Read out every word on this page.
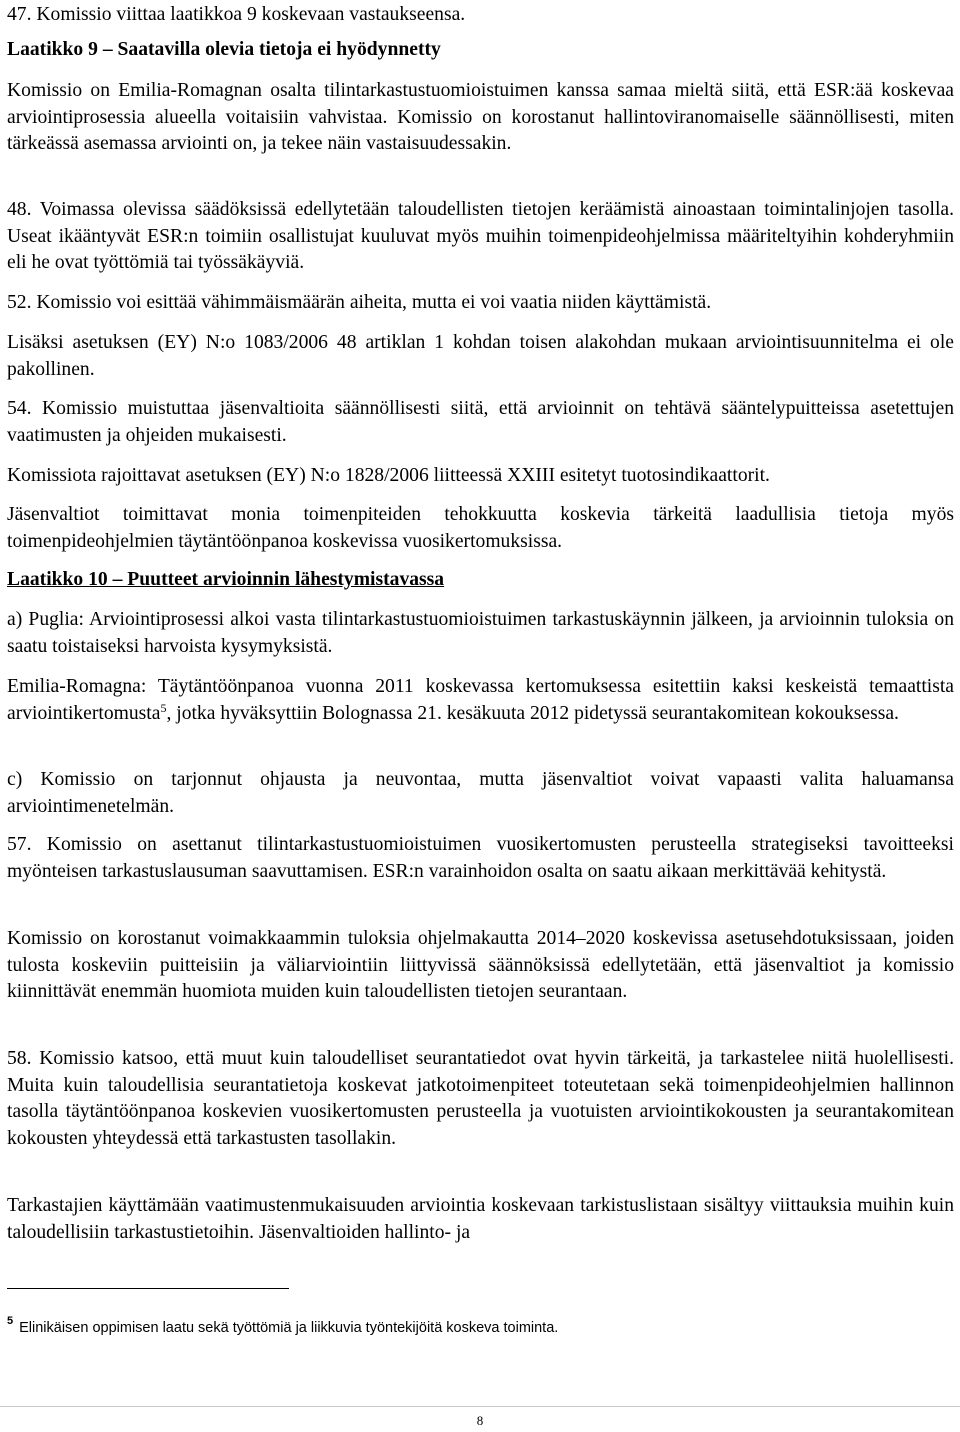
47. Komissio viittaa laatikkoa 9 koskevaan vastaukseensa.

Laatikko 9 – Saatavilla olevia tietoja ei hyödynnetty

Komissio on Emilia-Romagnan osalta tilintarkastustuomioistuimen kanssa samaa mieltä siitä, että ESR:ää koskevaa arviointiprosessia alueella voitaisiin vahvistaa. Komissio on korostanut hallintoviranomaiselle säännöllisesti, miten tärkeässä asemassa arviointi on, ja tekee näin vastaisuudessakin.

48. Voimassa olevissa säädöksissä edellytetään taloudellisten tietojen keräämistä ainoastaan toimintalinjojen tasolla. Useat ikääntyvät ESR:n toimiin osallistujat kuuluvat myös muihin toimenpideohjelmissa määriteltyihin kohderyhmiin eli he ovat työttömiä tai työssäkäyviä.

52. Komissio voi esittää vähimmäismäärän aiheita, mutta ei voi vaatia niiden käyttämistä.

Lisäksi asetuksen (EY) N:o 1083/2006 48 artiklan 1 kohdan toisen alakohdan mukaan arviointisuunnitelma ei ole pakollinen.

54. Komissio muistuttaa jäsenvaltioita säännöllisesti siitä, että arvioinnit on tehtävä sääntelypuitteissa asetettujen vaatimusten ja ohjeiden mukaisesti.

Komissiota rajoittavat asetuksen (EY) N:o 1828/2006 liitteessä XXIII esitetyt tuotosindikaattorit.

Jäsenvaltiot toimittavat monia toimenpiteiden tehokkuutta koskevia tärkeitä laadullisia tietoja myös toimenpideohjelmien täytäntöönpanoa koskevissa vuosikertomuksissa.

Laatikko 10 – Puutteet arvioinnin lähestymistavassa

a) Puglia: Arviointiprosessi alkoi vasta tilintarkastustuomioistuimen tarkastuskäynnin jälkeen, ja arvioinnin tuloksia on saatu toistaiseksi harvoista kysymyksistä.

Emilia-Romagna: Täytäntöönpanoa vuonna 2011 koskevassa kertomuksessa esitettiin kaksi keskeistä temaattista arviointikertomusta$^5$, jotka hyväksyttiin Bolognassa 21. kesäkuuta 2012 pidetyssä seurantakomitean kokouksessa.

c) Komissio on tarjonnut ohjausta ja neuvontaa, mutta jäsenvaltiot voivat vapaasti valita haluamansa arviointimenetelmän.

57. Komissio on asettanut tilintarkastustuomioistuimen vuosikertomusten perusteella strategiseksi tavoitteeksi myönteisen tarkastuslausuman saavuttamisen. ESR:n varainhoidon osalta on saatu aikaan merkittävää kehitystä.

Komissio on korostanut voimakkaammin tuloksia ohjelmakautta 2014–2020 koskevissa asetusehdotuksissaan, joiden tulosta koskeviin puitteisiin ja väliarviointiin liittyvissä säännöksissä edellytetään, että jäsenvaltiot ja komissio kiinnittävät enemmän huomiota muiden kuin taloudellisten tietojen seurantaan.

58. Komissio katsoo, että muut kuin taloudelliset seurantatiedot ovat hyvin tärkeitä, ja tarkastelee niitä huolellisesti. Muita kuin taloudellisia seurantatietoja koskevat jatkotoimenpiteet toteutetaan sekä toimenpideohjelmien hallinnon tasolla täytäntöönpanoa koskevien vuosikertomusten perusteella ja vuotuisten arviointikokousten ja seurantakomitean kokousten yhteydessä että tarkastusten tasollakin.

Tarkastajien käyttämään vaatimustenmukaisuuden arviointia koskevaan tarkistuslistaan sisältyy viittauksia muihin kuin taloudellisiin tarkastustietoihin. Jäsenvaltioiden hallinto- ja

$^5$ Elinikäisen oppimisen laatu sekä työttömiä ja liikkuvia työntekijöitä koskeva toiminta.
8
